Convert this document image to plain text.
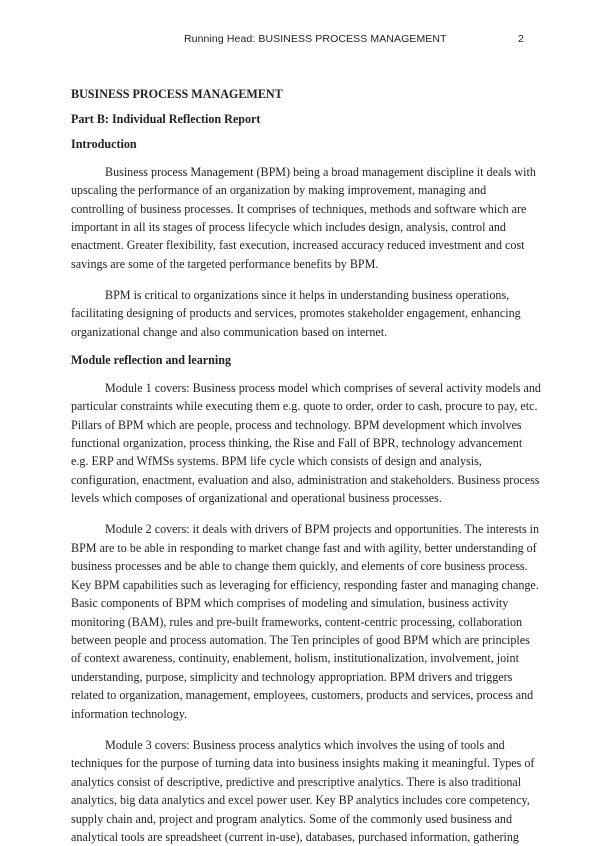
Running Head: BUSINESS PROCESS MANAGEMENT	2
BUSINESS PROCESS MANAGEMENT
Part B: Individual Reflection Report
Introduction

Business process Management (BPM) being a broad management discipline it deals with upscaling the performance of an organization by making improvement, managing and controlling of business processes. It comprises of techniques, methods and software which are important in all its stages of process lifecycle which includes design, analysis, control and enactment. Greater flexibility, fast execution, increased accuracy reduced investment and cost savings are some of the targeted performance benefits by BPM.

BPM is critical to organizations since it helps in understanding business operations, facilitating designing of products and services, promotes stakeholder engagement, enhancing organizational change and also communication based on internet.

Module reflection and learning

Module 1 covers: Business process model which comprises of several activity models and particular constraints while executing them e.g. quote to order, order to cash, procure to pay, etc. Pillars of BPM which are people, process and technology. BPM development which involves functional organization, process thinking, the Rise and Fall of BPR, technology advancement e.g. ERP and WfMSs systems. BPM life cycle which consists of design and analysis, configuration, enactment, evaluation and also, administration and stakeholders. Business process levels which composes of organizational and operational business processes.

Module 2 covers: it deals with drivers of BPM projects and opportunities. The interests in BPM are to be able in responding to market change fast and with agility, better understanding of business processes and be able to change them quickly, and elements of core business process. Key BPM capabilities such as leveraging for efficiency, responding faster and managing change. Basic components of BPM which comprises of modeling and simulation, business activity monitoring (BAM), rules and pre-built frameworks, content-centric processing, collaboration between people and process automation. The Ten principles of good BPM which are principles of context awareness, continuity, enablement, holism, institutionalization, involvement, joint understanding, purpose, simplicity and technology appropriation. BPM drivers and triggers related to organization, management, employees, customers, products and services, process and information technology.

Module 3 covers: Business process analytics which involves the using of tools and techniques for the purpose of turning data into business insights making it meaningful. Types of analytics consist of descriptive, predictive and prescriptive analytics. There is also traditional analytics, big data analytics and excel power user. Key BP analytics includes core competency, supply chain and, project and program analytics. Some of the commonly used business and analytical tools are spreadsheet (current in-use), databases, purchased information, gathering
